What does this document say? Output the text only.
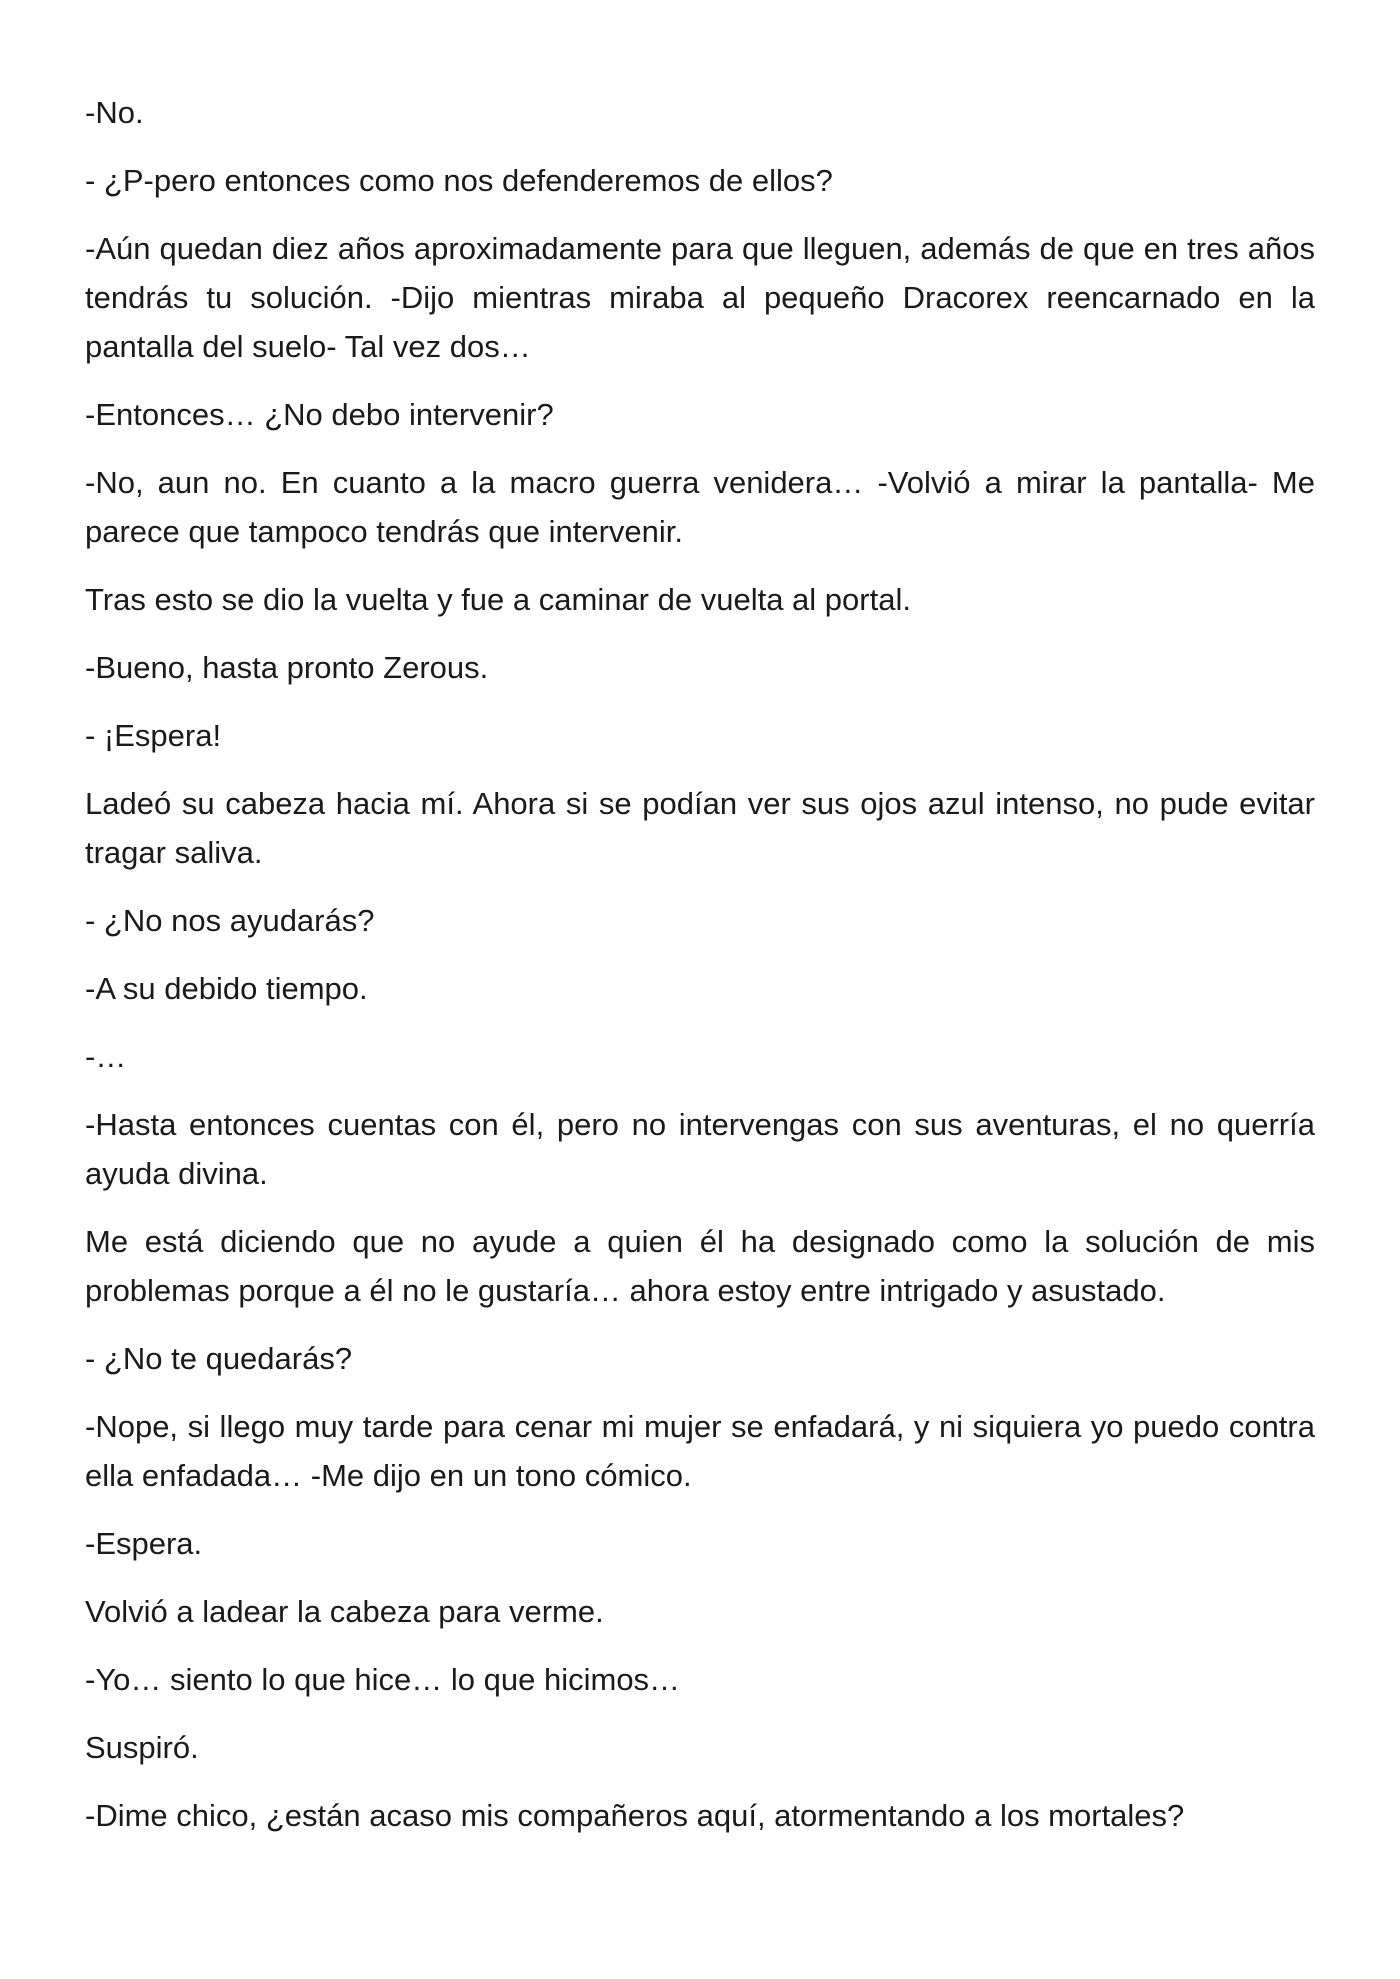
-No.

- ¿P-pero entonces como nos defenderemos de ellos?

-Aún quedan diez años aproximadamente para que lleguen, además de que en tres años tendrás tu solución. -Dijo mientras miraba al pequeño Dracorex reencarnado en la pantalla del suelo- Tal vez dos…

-Entonces… ¿No debo intervenir?

-No, aun no. En cuanto a la macro guerra venidera… -Volvió a mirar la pantalla- Me parece que tampoco tendrás que intervenir.

Tras esto se dio la vuelta y fue a caminar de vuelta al portal.

-Bueno, hasta pronto Zerous.

- ¡Espera!

Ladeó su cabeza hacia mí. Ahora si se podían ver sus ojos azul intenso, no pude evitar tragar saliva.

- ¿No nos ayudarás?

-A su debido tiempo.

-…

-Hasta entonces cuentas con él, pero no intervengas con sus aventuras, el no querría ayuda divina.

Me está diciendo que no ayude a quien él ha designado como la solución de mis problemas porque a él no le gustaría… ahora estoy entre intrigado y asustado.

- ¿No te quedarás?

-Nope, si llego muy tarde para cenar mi mujer se enfadará, y ni siquiera yo puedo contra ella enfadada… -Me dijo en un tono cómico.

-Espera.

Volvió a ladear la cabeza para verme.

-Yo… siento lo que hice… lo que hicimos…

Suspiró.

-Dime chico, ¿están acaso mis compañeros aquí, atormentando a los mortales?
